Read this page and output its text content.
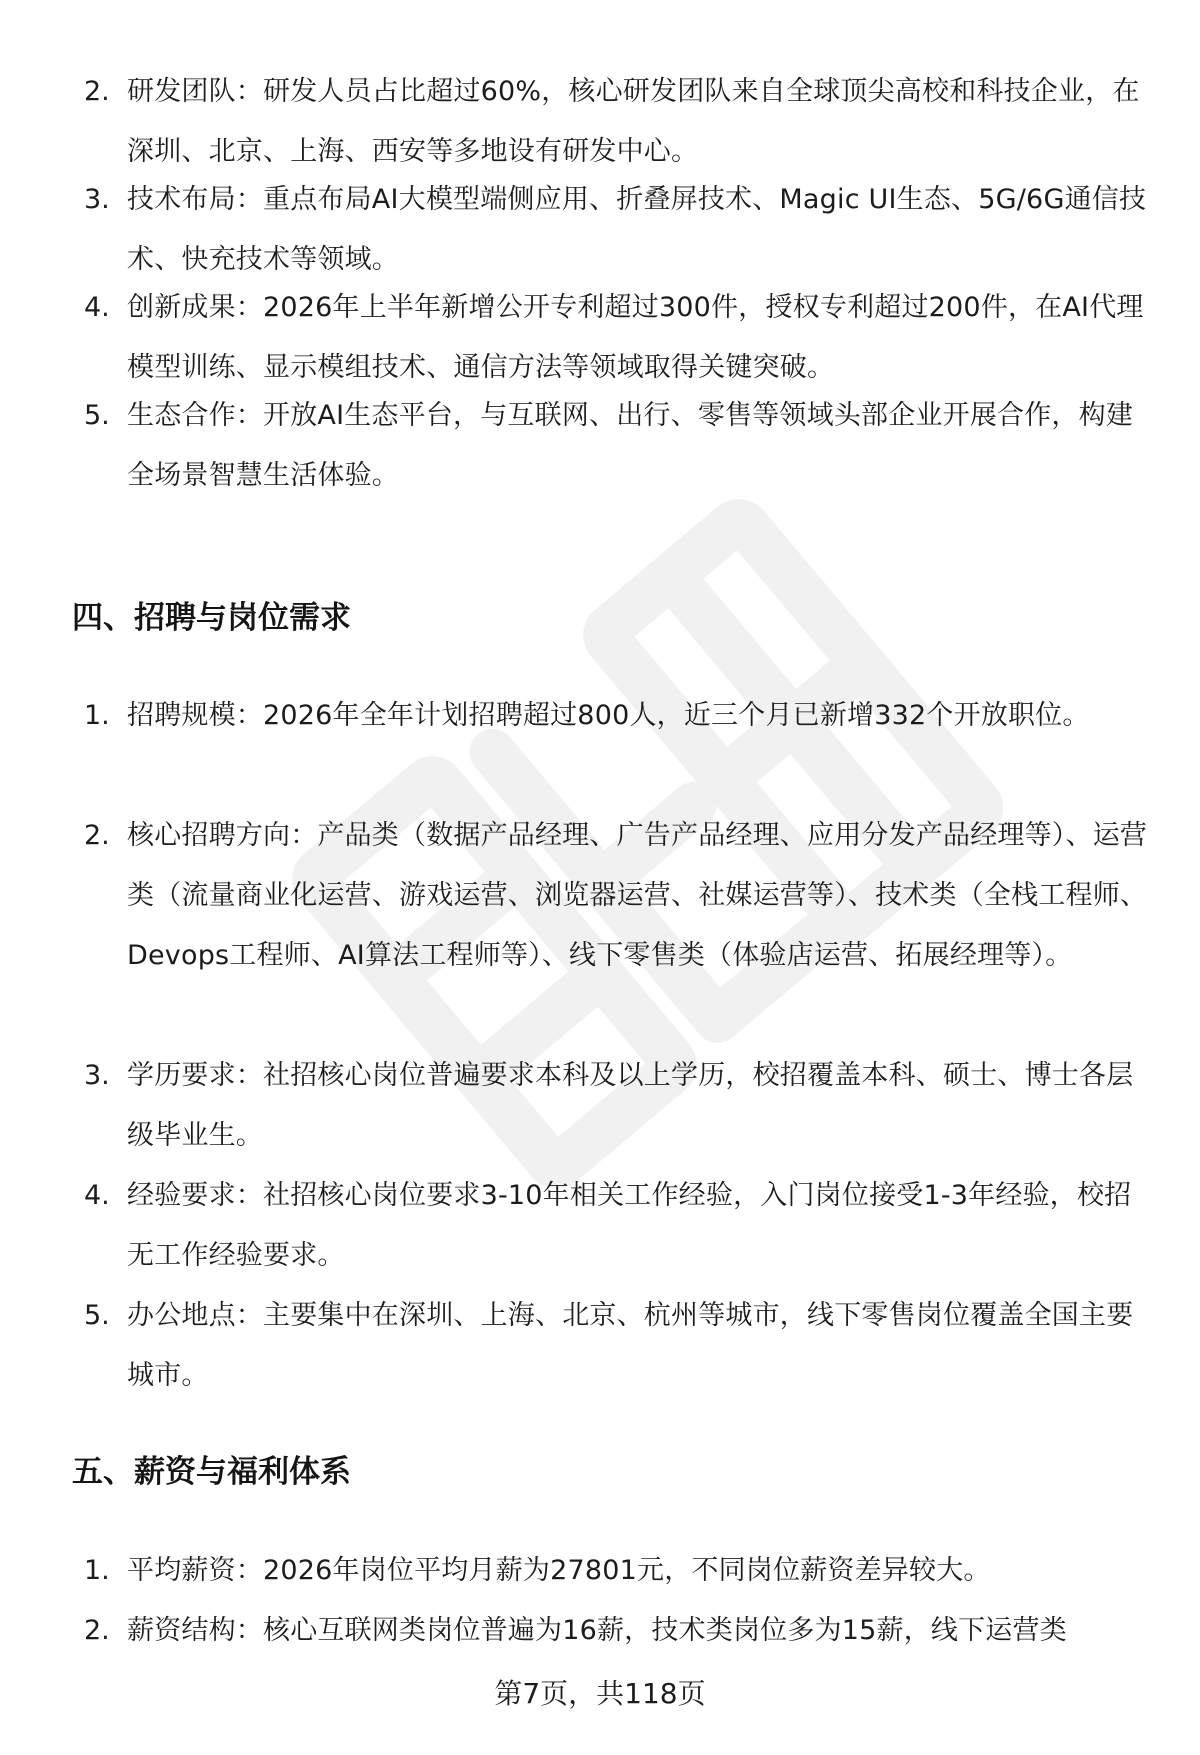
2. 研发团队：研发人员占比超过60%，核心研发团队来自全球顶尖高校和科技企业，在深圳、北京、上海、西安等多地设有研发中心。
3. 技术布局：重点布局AI大模型端侧应用、折叠屏技术、Magic UI生态、5G/6G通信技术、快充技术等领域。
4. 创新成果：2026年上半年新增公开专利超过300件，授权专利超过200件，在AI代理模型训练、显示模组技术、通信方法等领域取得关键突破。
5. 生态合作：开放AI生态平台，与互联网、出行、零售等领域头部企业开展合作，构建全场景智慧生活体验。
四、招聘与岗位需求
1. 招聘规模：2026年全年计划招聘超过800人，近三个月已新增332个开放职位。
2. 核心招聘方向：产品类（数据产品经理、广告产品经理、应用分发产品经理等）、运营类（流量商业化运营、游戏运营、浏览器运营、社媒运营等）、技术类（全栈工程师、Devops工程师、AI算法工程师等）、线下零售类（体验店运营、拓展经理等）。
3. 学历要求：社招核心岗位普遍要求本科及以上学历，校招覆盖本科、硕士、博士各层级毕业生。
4. 经验要求：社招核心岗位要求3-10年相关工作经验，入门岗位接受1-3年经验，校招无工作经验要求。
5. 办公地点：主要集中在深圳、上海、北京、杭州等城市，线下零售岗位覆盖全国主要城市。
五、薪资与福利体系
1. 平均薪资：2026年岗位平均月薪为27801元，不同岗位薪资差异较大。
2. 薪资结构：核心互联网类岗位普遍为16薪，技术类岗位多为15薪，线下运营类
第7页，共118页
